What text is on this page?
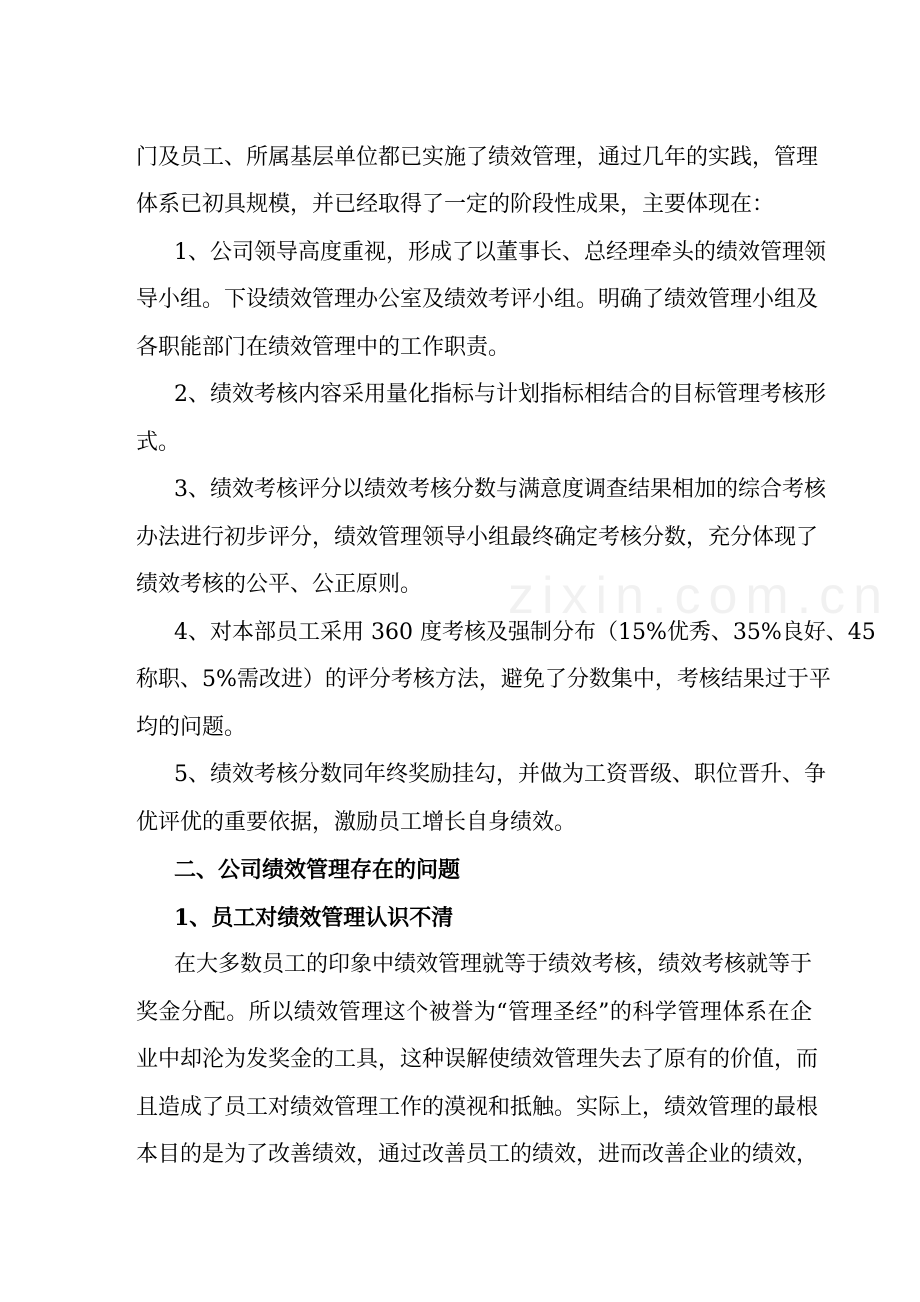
zixin.com.cn
门及员工、所属基层单位都已实施了绩效管理，通过几年的实践，管理
体系已初具规模，并已经取得了一定的阶段性成果，主要体现在：
1、公司领导高度重视，形成了以董事长、总经理牵头的绩效管理领
导小组。下设绩效管理办公室及绩效考评小组。明确了绩效管理小组及
各职能部门在绩效管理中的工作职责。
2、绩效考核内容采用量化指标与计划指标相结合的目标管理考核形
式。
3、绩效考核评分以绩效考核分数与满意度调查结果相加的综合考核
办法进行初步评分，绩效管理领导小组最终确定考核分数，充分体现了
绩效考核的公平、公正原则。
4、对本部员工采用 360 度考核及强制分布（15%优秀、35%良好、45
称职、5%需改进）的评分考核方法，避免了分数集中，考核结果过于平
均的问题。
5、绩效考核分数同年终奖励挂勾，并做为工资晋级、职位晋升、争
优评优的重要依据，激励员工增长自身绩效。
二、公司绩效管理存在的问题
1、员工对绩效管理认识不清
在大多数员工的印象中绩效管理就等于绩效考核，绩效考核就等于
奖金分配。所以绩效管理这个被誉为“管理圣经”的科学管理体系在企
业中却沦为发奖金的工具，这种误解使绩效管理失去了原有的价值，而
且造成了员工对绩效管理工作的漠视和抵触。实际上，绩效管理的最根
本目的是为了改善绩效，通过改善员工的绩效，进而改善企业的绩效，
